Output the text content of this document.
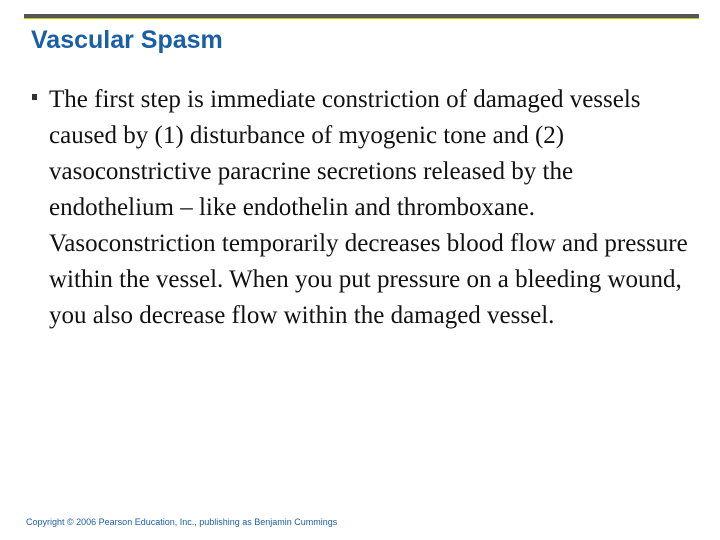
Vascular Spasm

The first step is immediate constriction of damaged vessels caused by (1) disturbance of myogenic tone and (2) vasoconstrictive paracrine secretions released by the endothelium – like endothelin and thromboxane. Vasoconstriction temporarily decreases blood flow and pressure within the vessel. When you put pressure on a bleeding wound, you also decrease flow within the damaged vessel.

Copyright © 2006 Pearson Education, Inc., publishing as Benjamin Cummings
